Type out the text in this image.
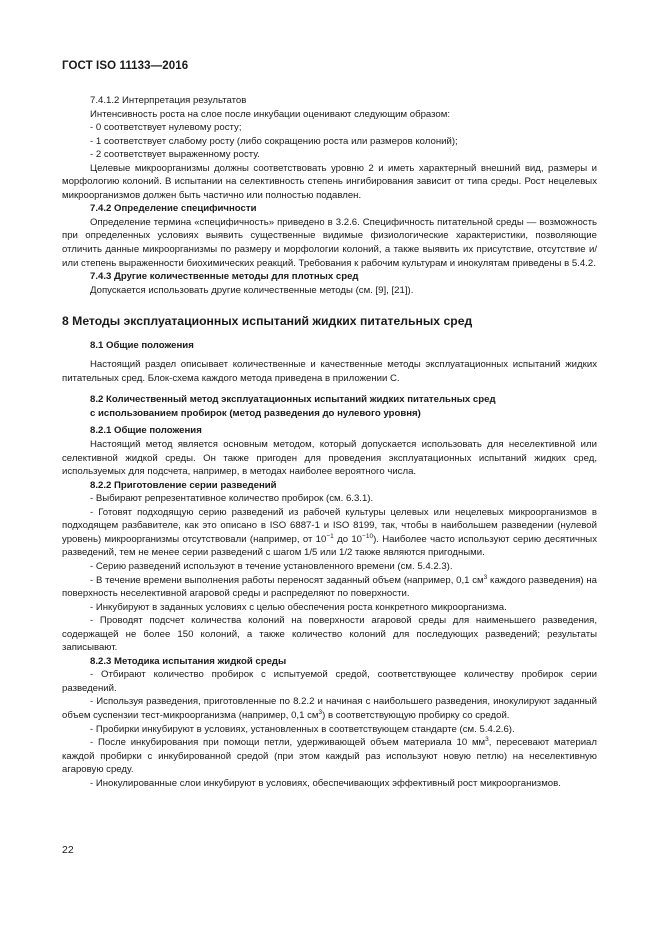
ГОСТ ISO 11133—2016

7.4.1.2 Интерпретация результатов

Интенсивность роста на слое после инкубации оценивают следующим образом:

- 0 соответствует нулевому росту;

- 1 соответствует слабому росту (либо сокращению роста или размеров колоний);

- 2 соответствует выраженному росту.

Целевые микроорганизмы должны соответствовать уровню 2 и иметь характерный внешний вид, размеры и морфологию колоний. В испытании на селективность степень ингибирования зависит от типа среды. Рост нецелевых микроорганизмов должен быть частично или полностью подавлен.

7.4.2 Определение специфичности

Определение термина «специфичность» приведено в 3.2.6. Специфичность питательной среды — возможность при определенных условиях выявить существенные видимые физиологические характеристики, позволяющие отличить данные микроорганизмы по размеру и морфологии колоний, а также выявить их присутствие, отсутствие и/или степень выраженности биохимических реакций. Требования к рабочим культурам и инокулятам приведены в 5.4.2.

7.4.3 Другие количественные методы для плотных сред

Допускается использовать другие количественные методы (см. [9], [21]).

8 Методы эксплуатационных испытаний жидких питательных сред

8.1 Общие положения

Настоящий раздел описывает количественные и качественные методы эксплуатационных испытаний жидких питательных сред. Блок-схема каждого метода приведена в приложении С.

8.2 Количественный метод эксплуатационных испытаний жидких питательных сред

с использованием пробирок (метод разведения до нулевого уровня)

8.2.1 Общие положения

Настоящий метод является основным методом, который допускается использовать для неселективной или селективной жидкой среды. Он также пригоден для проведения эксплуатационных испытаний жидких сред, используемых для подсчета, например, в методах наиболее вероятного числа.

8.2.2 Приготовление серии разведений

- Выбирают репрезентативное количество пробирок (см. 6.3.1).

- Готовят подходящую серию разведений из рабочей культуры целевых или нецелевых микроорганизмов в подходящем разбавителе, как это описано в ISO 6887-1 и ISO 8199, так, чтобы в наибольшем разведении (нулевой уровень) микроорганизмы отсутствовали (например, от $10^{-1}$ до $10^{-10}$). Наиболее часто используют серию десятичных разведений, тем не менее серии разведений с шагом 1/5 или 1/2 также являются пригодными.

- Серию разведений используют в течение установленного времени (см. 5.4.2.3).

- В течение времени выполнения работы переносят заданный объем (например, 0,1 $см^3$ каждого разведения) на поверхность неселективной агаровой среды и распределяют по поверхности.

- Инкубируют в заданных условиях с целью обеспечения роста конкретного микроорганизма.

- Проводят подсчет количества колоний на поверхности агаровой среды для наименьшего разведения, содержащей не более 150 колоний, а также количество колоний для последующих разведений; результаты записывают.

8.2.3 Методика испытания жидкой среды

- Отбирают количество пробирок с испытуемой средой, соответствующее количеству пробирок серии разведений.

- Используя разведения, приготовленные по 8.2.2 и начиная с наибольшего разведения, инокулируют заданный объем суспензии тест-микроорганизма (например, 0,1 $см^3$) в соответствующую пробирку со средой.

- Пробирки инкубируют в условиях, установленных в соответствующем стандарте (см. 5.4.2.6).

- После инкубирования при помощи петли, удерживающей объем материала 10 $мм^3$, пересевают материал каждой пробирки с инкубированной средой (при этом каждый раз используют новую петлю) на неселективную агаровую среду.

- Инокулированные слои инкубируют в условиях, обеспечивающих эффективный рост микроорганизмов.

22
